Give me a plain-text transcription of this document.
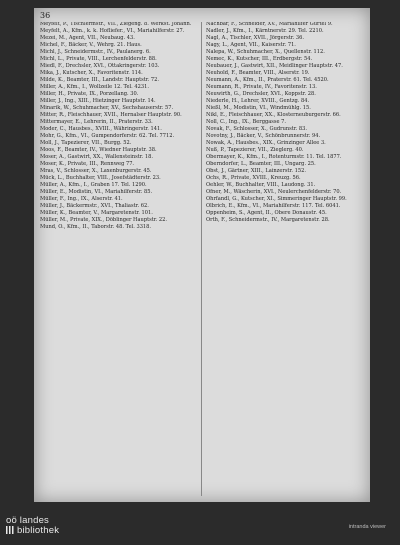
36

Meyfelt, P., Tischlermstr., VII., Ziegeng. 8. Werkst. Johann.

Meyfelt, A., Kfm., k. k. Hofliefer., VI., Mariahilferstr. 27.

Mezei, M., Agent, VII., Neubaug. 43.

Michel, F., Bäcker, V., Wehrg. 21. Haus.

Michl, J., Schneidermstr., IV., Paulanerg. 6.

Michl, L., Private, VIII., Lerchenfelderstr. 88.

Miedl, F., Drechsler, XVI., Ottakringerstr. 103.

Mika, J., Kutscher, X., Favoritenstr. 114.

Milde, K., Beamter, III., Landstr. Hauptstr. 72.

Miller, A., Kfm., I., Wollzeile 12. Tel. 4231.

Miller, H., Private, IX., Porzellang. 30.

Miller, J., Ing., XIII., Hietzinger Hauptstr. 14.

Minarik, W., Schuhmacher, XV., Sechshauserstr. 57.

Mitter, R., Fleischhauer, XVII., Hernalser Hauptstr. 90.

Mittermayer, E., Lehrerin, II., Praterstr. 33.

Moder, C., Hausbes., XVIII., Währingerstr. 141.

Mohr, G., Kfm., VI., Gumpendorferstr. 62. Tel. 7712.

Moll, J., Tapezierer, VII., Burgg. 52.

Moos, F., Beamter, IV., Wiedner Hauptstr. 38.

Moser, A., Gastwirt, XX., Wallensteinstr. 18.

Moser, K., Private, III., Rennweg 77.

Mras, V., Schlosser, X., Laxenburgerstr. 45.

Mück, L., Buchhalter, VIII., Josefstädterstr. 23.

Müller, A., Kfm., I., Graben 17. Tel. 1290.

Müller, E., Modistin, VI., Mariahilferstr. 85.

Müller, F., Ing., IX., Alserstr. 41.

Müller, J., Bäckermstr., XVI., Thaliastr. 62.

Müller, K., Beamter, V., Margaretenstr. 101.

Müller, M., Private, XIX., Döblinger Hauptstr. 22.

Mund, O., Kfm., II., Taborstr. 48. Tel. 3318.

Nachbar, F., Schneider, XV., Mariahilfer Gürtel 9.

Nadler, J., Kfm., I., Kärntnerstr. 29. Tel. 2210.

Nagl, A., Tischler, XVII., Jörgerstr. 36.

Nagy, L., Agent, VII., Kaiserstr. 71.

Nalepa, W., Schuhmacher, X., Quellenstr. 112.

Nemec, K., Kutscher, III., Erdbergstr. 54.

Neubauer, J., Gastwirt, XII., Meidlinger Hauptstr. 47.

Neuhold, F., Beamter, VIII., Alserstr. 19.

Neumann, A., Kfm., II., Praterstr. 61. Tel. 4520.

Neumann, R., Private, IV., Favoritenstr. 13.

Neuwirth, G., Drechsler, XVI., Koppstr. 28.

Niederle, H., Lehrer, XVIII., Gentzg. 84.

Nießl, M., Modistin, VI., Windmühlg. 15.

Nikl, E., Fleischhauer, XX., Klosterneuburgerstr. 66.

Noll, C., Ing., IX., Berggasse 7.

Novak, F., Schlosser, X., Gudrunstr. 83.

Novotny, J., Bäcker, V., Schönbrunnerstr. 94.

Nowak, A., Hausbes., XIX., Grinzinger Allee 3.

Nuß, P., Tapezierer, VII., Zieglerg. 40.

Obermayer, K., Kfm., I., Rotenturmstr. 11. Tel. 1877.

Oberndorfer, L., Beamter, III., Ungarg. 25.

Obst, J., Gärtner, XIII., Lainzerstr. 152.

Ochs, R., Private, XVIII., Kreuzg. 56.

Oehler, W., Buchhalter, VIII., Laudong. 31.

Ofner, M., Wäscherin, XVI., Neulerchenfelderstr. 70.

Ohrfandl, G., Kutscher, XI., Simmeringer Hauptstr. 99.

Olbrich, E., Kfm., VI., Mariahilferstr. 117. Tel. 6041.

Oppenheim, S., Agent, II., Obere Donaustr. 45.

Orth, F., Schneidermstr., IV., Margaretenstr. 28.

oö landes
bibliothek	intranda viewer
